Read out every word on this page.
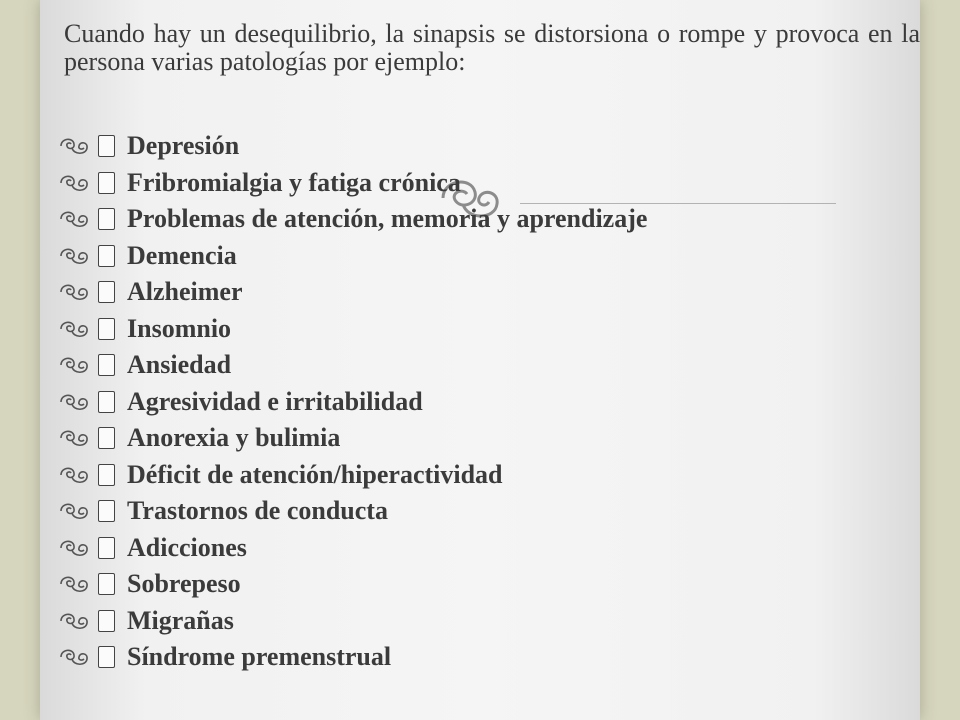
Cuando hay un desequilibrio, la sinapsis se distorsiona o rompe y provoca en la persona varias patologías por ejemplo:

Depresión
Fribromialgia y fatiga crónica
Problemas de atención, memoria y aprendizaje
Demencia
Alzheimer
Insomnio
Ansiedad
Agresividad e irritabilidad
Anorexia y bulimia
Déficit de atención/hiperactividad
Trastornos de conducta
Adicciones
Sobrepeso
Migrañas
Síndrome premenstrual
